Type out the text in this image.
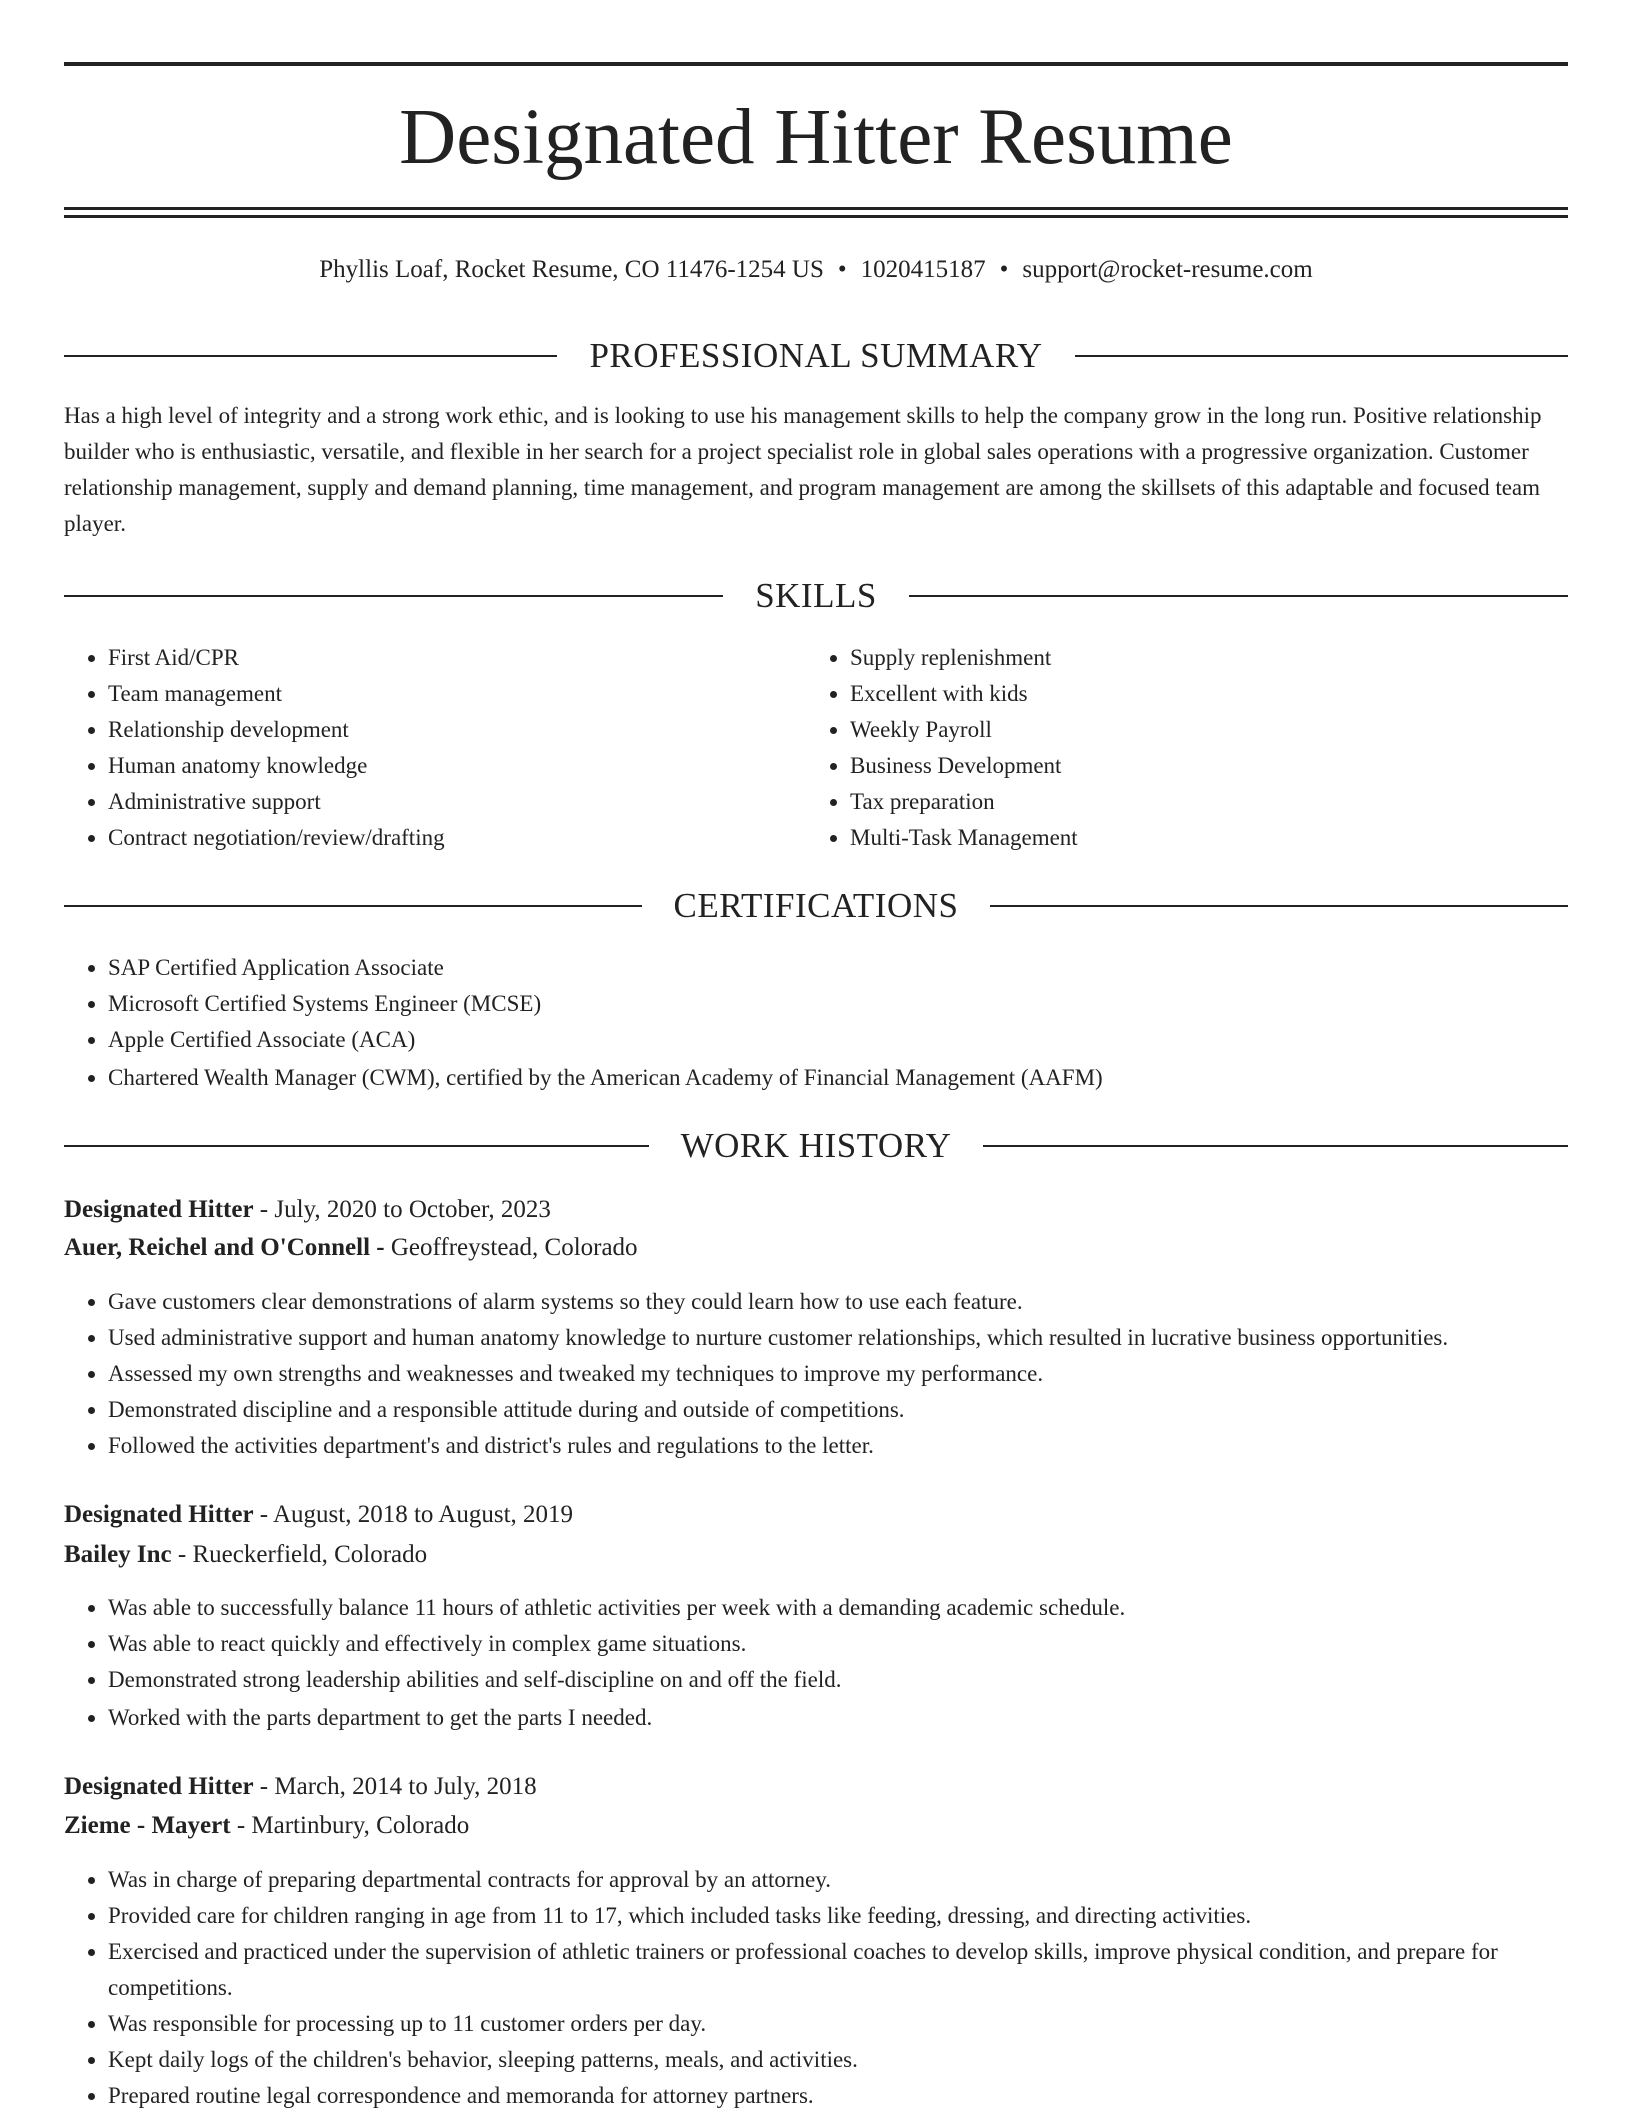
Designated Hitter Resume
Phyllis Loaf, Rocket Resume, CO 11476-1254 US • 1020415187 • support@rocket-resume.com
PROFESSIONAL SUMMARY
Has a high level of integrity and a strong work ethic, and is looking to use his management skills to help the company grow in the long run. Positive relationship builder who is enthusiastic, versatile, and flexible in her search for a project specialist role in global sales operations with a progressive organization. Customer relationship management, supply and demand planning, time management, and program management are among the skillsets of this adaptable and focused team player.
SKILLS
• First Aid/CPR
• Team management
• Relationship development
• Human anatomy knowledge
• Administrative support
• Contract negotiation/review/drafting
• Supply replenishment
• Excellent with kids
• Weekly Payroll
• Business Development
• Tax preparation
• Multi-Task Management
CERTIFICATIONS
• SAP Certified Application Associate
• Microsoft Certified Systems Engineer (MCSE)
• Apple Certified Associate (ACA)
• Chartered Wealth Manager (CWM), certified by the American Academy of Financial Management (AAFM)
WORK HISTORY
Designated Hitter - July, 2020 to October, 2023
Auer, Reichel and O'Connell - Geoffreystead, Colorado
• Gave customers clear demonstrations of alarm systems so they could learn how to use each feature.
• Used administrative support and human anatomy knowledge to nurture customer relationships, which resulted in lucrative business opportunities.
• Assessed my own strengths and weaknesses and tweaked my techniques to improve my performance.
• Demonstrated discipline and a responsible attitude during and outside of competitions.
• Followed the activities department's and district's rules and regulations to the letter.
Designated Hitter - August, 2018 to August, 2019
Bailey Inc - Rueckerfield, Colorado
• Was able to successfully balance 11 hours of athletic activities per week with a demanding academic schedule.
• Was able to react quickly and effectively in complex game situations.
• Demonstrated strong leadership abilities and self-discipline on and off the field.
• Worked with the parts department to get the parts I needed.
Designated Hitter - March, 2014 to July, 2018
Zieme - Mayert - Martinbury, Colorado
• Was in charge of preparing departmental contracts for approval by an attorney.
• Provided care for children ranging in age from 11 to 17, which included tasks like feeding, dressing, and directing activities.
• Exercised and practiced under the supervision of athletic trainers or professional coaches to develop skills, improve physical condition, and prepare for competitions.
• Was responsible for processing up to 11 customer orders per day.
• Kept daily logs of the children's behavior, sleeping patterns, meals, and activities.
• Prepared routine legal correspondence and memoranda for attorney partners.
